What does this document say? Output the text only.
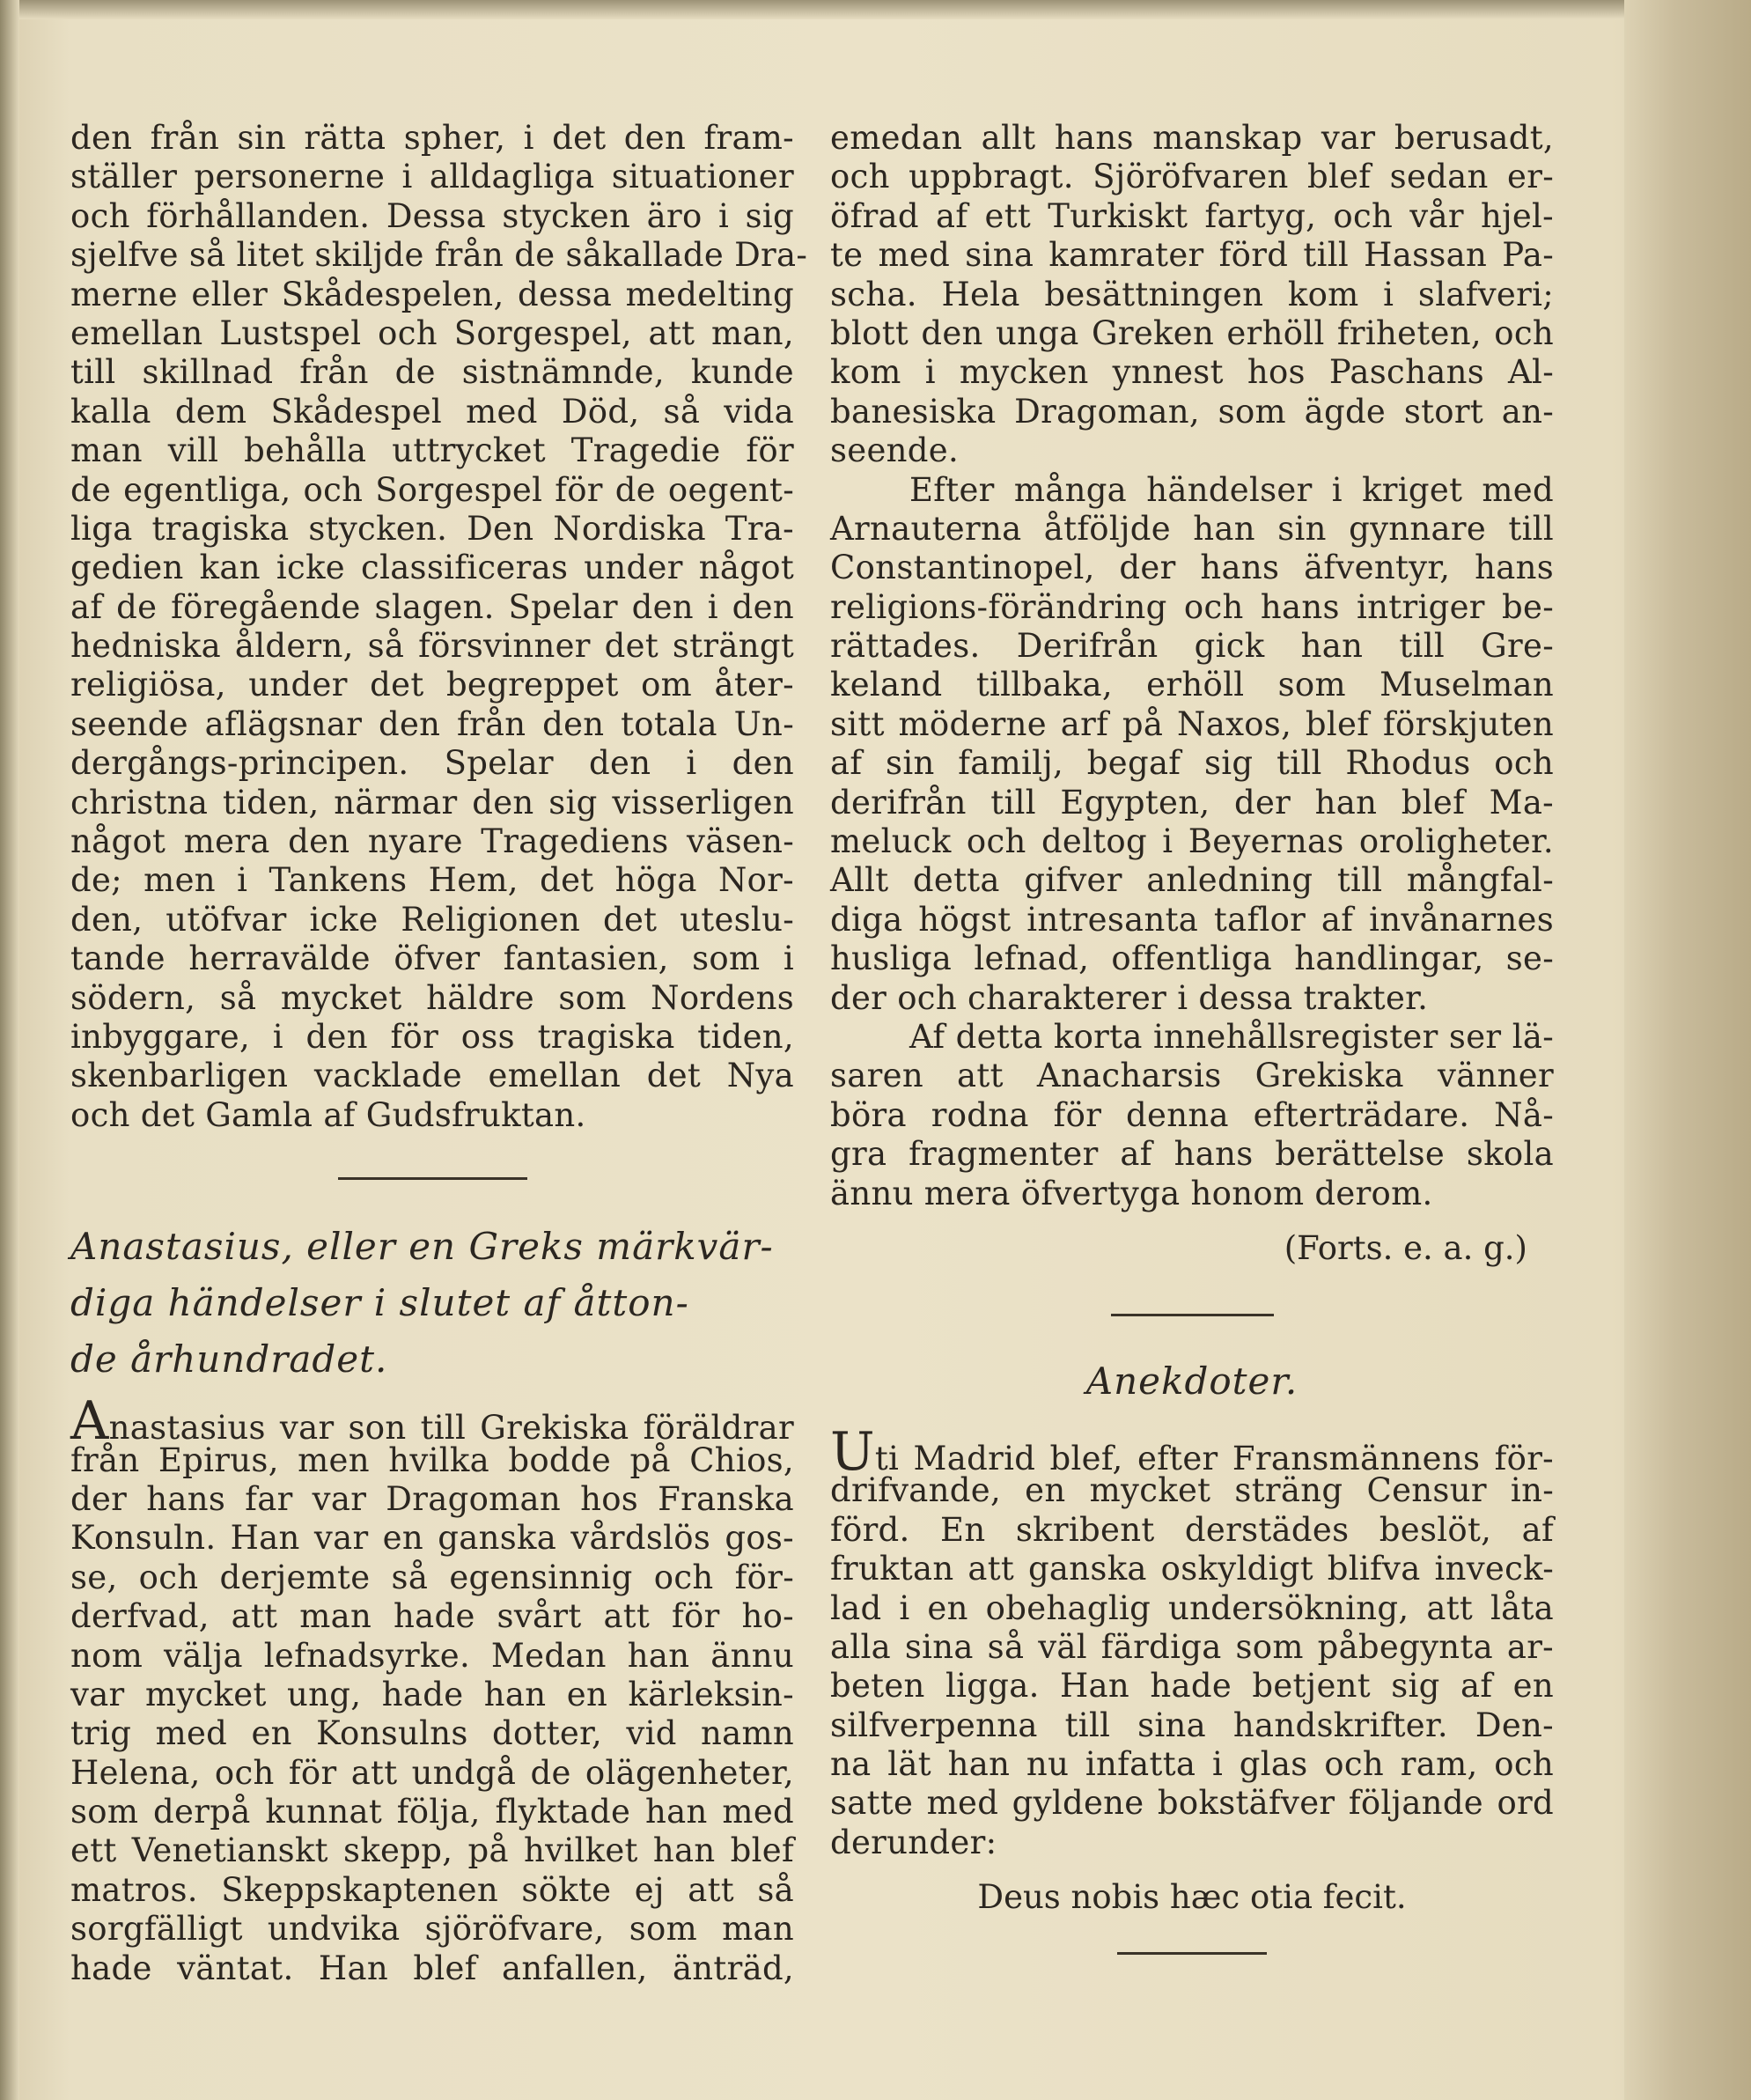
den från sin rätta spher, i det den fram-
ställer personerne i alldagliga situationer
och förhållanden. Dessa stycken äro i sig
sjelfve så litet skiljde från de såkallade Dra-
merne eller Skådespelen, dessa medelting
emellan Lustspel och Sorgespel, att man,
till skillnad från de sistnämnde, kunde
kalla dem Skådespel med Död, så vida
man vill behålla uttrycket Tragedie för
de egentliga, och Sorgespel för de oegent-
liga tragiska stycken. Den Nordiska Tra-
gedien kan icke classificeras under något
af de föregående slagen. Spelar den i den
hedniska åldern, så försvinner det strängt
religiösa, under det begreppet om åter-
seende aflägsnar den från den totala Un-
dergångs-principen. Spelar den i den
christna tiden, närmar den sig visserligen
något mera den nyare Tragediens väsen-
de; men i Tankens Hem, det höga Nor-
den, utöfvar icke Religionen det uteslu-
tande herravälde öfver fantasien, som i
södern, så mycket häldre som Nordens
inbyggare, i den för oss tragiska tiden,
skenbarligen vacklade emellan det Nya
och det Gamla af Gudsfruktan.
Anastasius, eller en Greks märkvär-
diga händelser i slutet af åtton-
de århundradet.
Anastasius var son till Grekiska föräldrar
från Epirus, men hvilka bodde på Chios,
der hans far var Dragoman hos Franska
Konsuln. Han var en ganska vårdslös gos-
se, och derjemte så egensinnig och för-
derfvad, att man hade svårt att för ho-
nom välja lefnadsyrke. Medan han ännu
var mycket ung, hade han en kärleksin-
trig med en Konsulns dotter, vid namn
Helena, och för att undgå de olägenheter,
som derpå kunnat följa, flyktade han med
ett Venetianskt skepp, på hvilket han blef
matros. Skeppskaptenen sökte ej att så
sorgfälligt undvika sjöröfvare, som man
hade väntat. Han blef anfallen, änträd,
emedan allt hans manskap var berusadt,
och uppbragt. Sjöröfvaren blef sedan er-
öfrad af ett Turkiskt fartyg, och vår hjel-
te med sina kamrater förd till Hassan Pa-
scha. Hela besättningen kom i slafveri;
blott den unga Greken erhöll friheten, och
kom i mycken ynnest hos Paschans Al-
banesiska Dragoman, som ägde stort an-
seende.
Efter många händelser i kriget med
Arnauterna åtföljde han sin gynnare till
Constantinopel, der hans äfventyr, hans
religions-förändring och hans intriger be-
rättades. Derifrån gick han till Gre-
keland tillbaka, erhöll som Muselman
sitt möderne arf på Naxos, blef förskjuten
af sin familj, begaf sig till Rhodus och
derifrån till Egypten, der han blef Ma-
meluck och deltog i Beyernas oroligheter.
Allt detta gifver anledning till mångfal-
diga högst intresanta taflor af invånarnes
husliga lefnad, offentliga handlingar, se-
der och charakterer i dessa trakter.
Af detta korta innehållsregister ser lä-
saren att Anacharsis Grekiska vänner
böra rodna för denna efterträdare. Nå-
gra fragmenter af hans berättelse skola
ännu mera öfvertyga honom derom.
(Forts. e. a. g.)
Anekdoter.
Uti Madrid blef, efter Fransmännens för-
drifvande, en mycket sträng Censur in-
förd. En skribent derstädes beslöt, af
fruktan att ganska oskyldigt blifva inveck-
lad i en obehaglig undersökning, att låta
alla sina så väl färdiga som påbegynta ar-
beten ligga. Han hade betjent sig af en
silfverpenna till sina handskrifter. Den-
na lät han nu infatta i glas och ram, och
satte med gyldene bokstäfver följande ord
derunder:
Deus nobis hæc otia fecit.
